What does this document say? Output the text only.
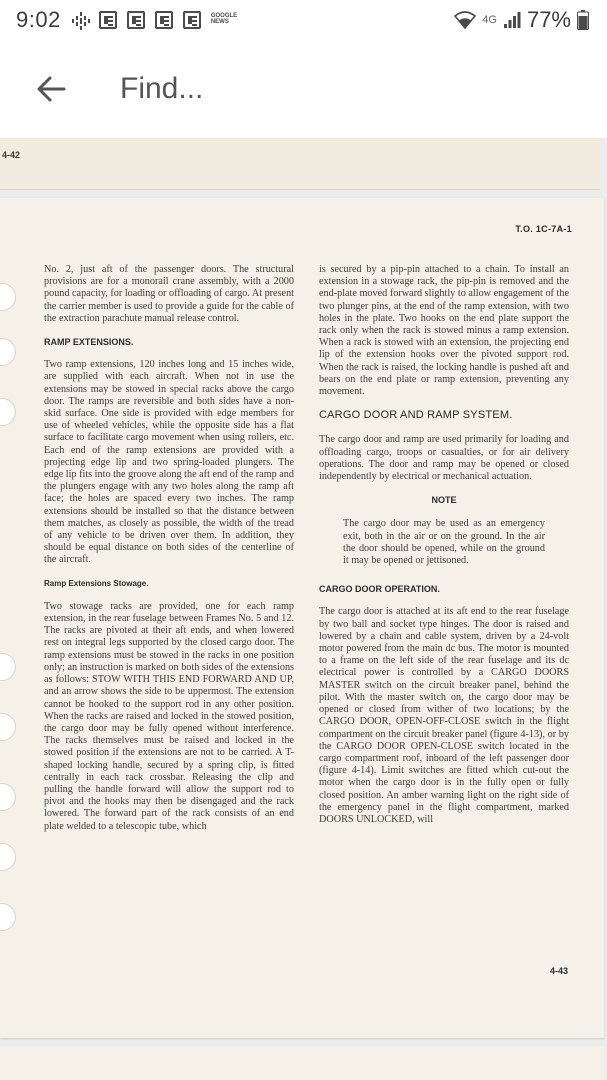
9:02	GOOGLE NEWS	4G 77%
Find...
4-42
T.O. 1C-7A-1

No. 2, just aft of the passenger doors. The structural provisions are for a monorail crane assembly, with a 2000 pound capacity, for loading or offloading of cargo. At present the carrier member is used to provide a guide for the cable of the extraction parachute manual release control.

RAMP EXTENSIONS.

Two ramp extensions, 120 inches long and 15 inches wide, are supplied with each aircraft. When not in use the extensions may be stowed in special racks above the cargo door. The ramps are reversible and both sides have a non-skid surface. One side is provided with edge members for use of wheeled vehicles, while the opposite side has a flat surface to facilitate cargo movement when using rollers, etc. Each end of the ramp extensions are provided with a projecting edge lip and two spring-loaded plungers. The edge lip fits into the groove along the aft end of the ramp and the plungers engage with any two holes along the ramp aft face; the holes are spaced every two inches. The ramp extensions should be installed so that the distance between them matches, as closely as possible, the width of the tread of any vehicle to be driven over them. In addition, they should be equal distance on both sides of the centerline of the aircraft.

Ramp Extensions Stowage.

Two stowage racks are provided, one for each ramp extension, in the rear fuselage between Frames No. 5 and 12. The racks are pivoted at their aft ends, and when lowered rest on integral legs supported by the closed cargo door. The ramp extensions must be stowed in the racks in one position only; an instruction is marked on both sides of the extensions as follows: STOW WITH THIS END FORWARD AND UP, and an arrow shows the side to be uppermost. The extension cannot be hooked to the support rod in any other position. When the racks are raised and locked in the stowed position, the cargo door may be fully opened without interference. The racks themselves must be raised and locked in the stowed position if the extensions are not to be carried. A T-shaped locking handle, secured by a spring clip, is fitted centrally in each rack crossbar. Releasing the clip and pulling the handle forward will allow the support rod to pivot and the hooks may then be disengaged and the rack lowered. The forward part of the rack consists of an end plate welded to a telescopic tube, which

is secured by a pip-pin attached to a chain. To install an extension in a stowage rack, the pip-pin is removed and the end-plate moved forward slightly to allow engagement of the two plunger pins, at the end of the ramp extension, with two holes in the plate. Two hooks on the end plate support the rack only when the rack is stowed minus a ramp extension. When a rack is stowed with an extension, the projecting end lip of the extension hooks over the pivoted support rod. When the rack is raised, the locking handle is pushed aft and bears on the end plate or ramp extension, preventing any movement.

CARGO DOOR AND RAMP SYSTEM.

The cargo door and ramp are used primarily for loading and offloading cargo, troops or casualties, or for air delivery operations. The door and ramp may be opened or closed independently by electrical or mechanical actuation.

NOTE

The cargo door may be used as an emergency exit, both in the air or on the ground. In the air the door should be opened, while on the ground it may be opened or jettisoned.

CARGO DOOR OPERATION.

The cargo door is attached at its aft end to the rear fuselage by two ball and socket type hinges. The door is raised and lowered by a chain and cable system, driven by a 24-volt motor powered from the main dc bus. The motor is mounted to a frame on the left side of the rear fuselage and its dc electrical power is controlled by a CARGO DOORS MASTER switch on the circuit breaker panel, behind the pilot. With the master switch on, the cargo door may be opened or closed from wither of two locations; by the CARGO DOOR, OPEN-OFF-CLOSE switch in the flight compartment on the circuit breaker panel (figure 4-13), or by the CARGO DOOR OPEN-CLOSE switch located in the cargo compartment roof, inboard of the left passenger door (figure 4-14). Limit switches are fitted which cut-out the motor when the cargo door is in the fully open or fully closed position. An amber warning light on the right side of the emergency panel in the flight compartment, marked DOORS UNLOCKED, will

4-43
